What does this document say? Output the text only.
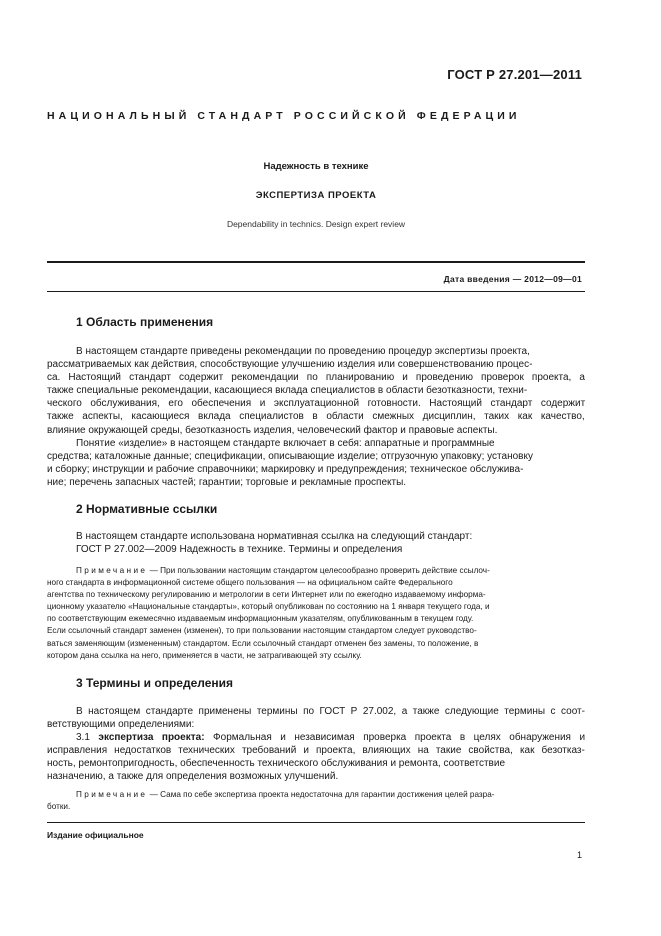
ГОСТ Р 27.201—2011
НАЦИОНАЛЬНЫЙ СТАНДАРТ РОССИЙСКОЙ ФЕДЕРАЦИИ
Надежность в технике
ЭКСПЕРТИЗА ПРОЕКТА
Dependability in technics. Design expert review
Дата введения — 2012—09—01
1 Область применения
В настоящем стандарте приведены рекомендации по проведению процедур экспертизы проекта,
рассматриваемых как действия, способствующие улучшению изделия или совершенствованию процес-
са. Настоящий стандарт содержит рекомендации по планированию и проведению проверок проекта, а
также специальные рекомендации, касающиеся вклада специалистов в области безотказности, техни-
ческого обслуживания, его обеспечения и эксплуатационной готовности. Настоящий стандарт содержит
также аспекты, касающиеся вклада специалистов в области смежных дисциплин, таких как качество,
влияние окружающей среды, безотказность изделия, человеческий фактор и правовые аспекты.
Понятие «изделие» в настоящем стандарте включает в себя: аппаратные и программные
средства; каталожные данные; спецификации, описывающие изделие; отгрузочную упаковку; установку
и сборку; инструкции и рабочие справочники; маркировку и предупреждения; техническое обслужива-
ние; перечень запасных частей; гарантии; торговые и рекламные проспекты.
2 Нормативные ссылки
В настоящем стандарте использована нормативная ссылка на следующий стандарт:
ГОСТ Р 27.002—2009 Надежность в технике. Термины и определения
Примечание — При пользовании настоящим стандартом целесообразно проверить действие ссылоч-
ного стандарта в информационной системе общего пользования — на официальном сайте Федерального
агентства по техническому регулированию и метрологии в сети Интернет или по ежегодно издаваемому информа-
ционному указателю «Национальные стандарты», который опубликован по состоянию на 1 января текущего года, и
по соответствующим ежемесячно издаваемым информационным указателям, опубликованным в текущем году.
Если ссылочный стандарт заменен (изменен), то при пользовании настоящим стандартом следует руководство-
ваться заменяющим (измененным) стандартом. Если ссылочный стандарт отменен без замены, то положение, в
котором дана ссылка на него, применяется в части, не затрагивающей эту ссылку.
3 Термины и определения
В настоящем стандарте применены термины по ГОСТ Р 27.002, а также следующие термины с соот-
ветствующими определениями:
3.1 экспертиза проекта: Формальная и независимая проверка проекта в целях обнаружения и
исправления недостатков технических требований и проекта, влияющих на такие свойства, как безотказ-
ность, ремонтопригодность, обеспеченность технического обслуживания и ремонта, соответствие
назначению, а также для определения возможных улучшений.
Примечание — Сама по себе экспертиза проекта недостаточна для гарантии достижения целей разра-
ботки.
Издание официальное
1
